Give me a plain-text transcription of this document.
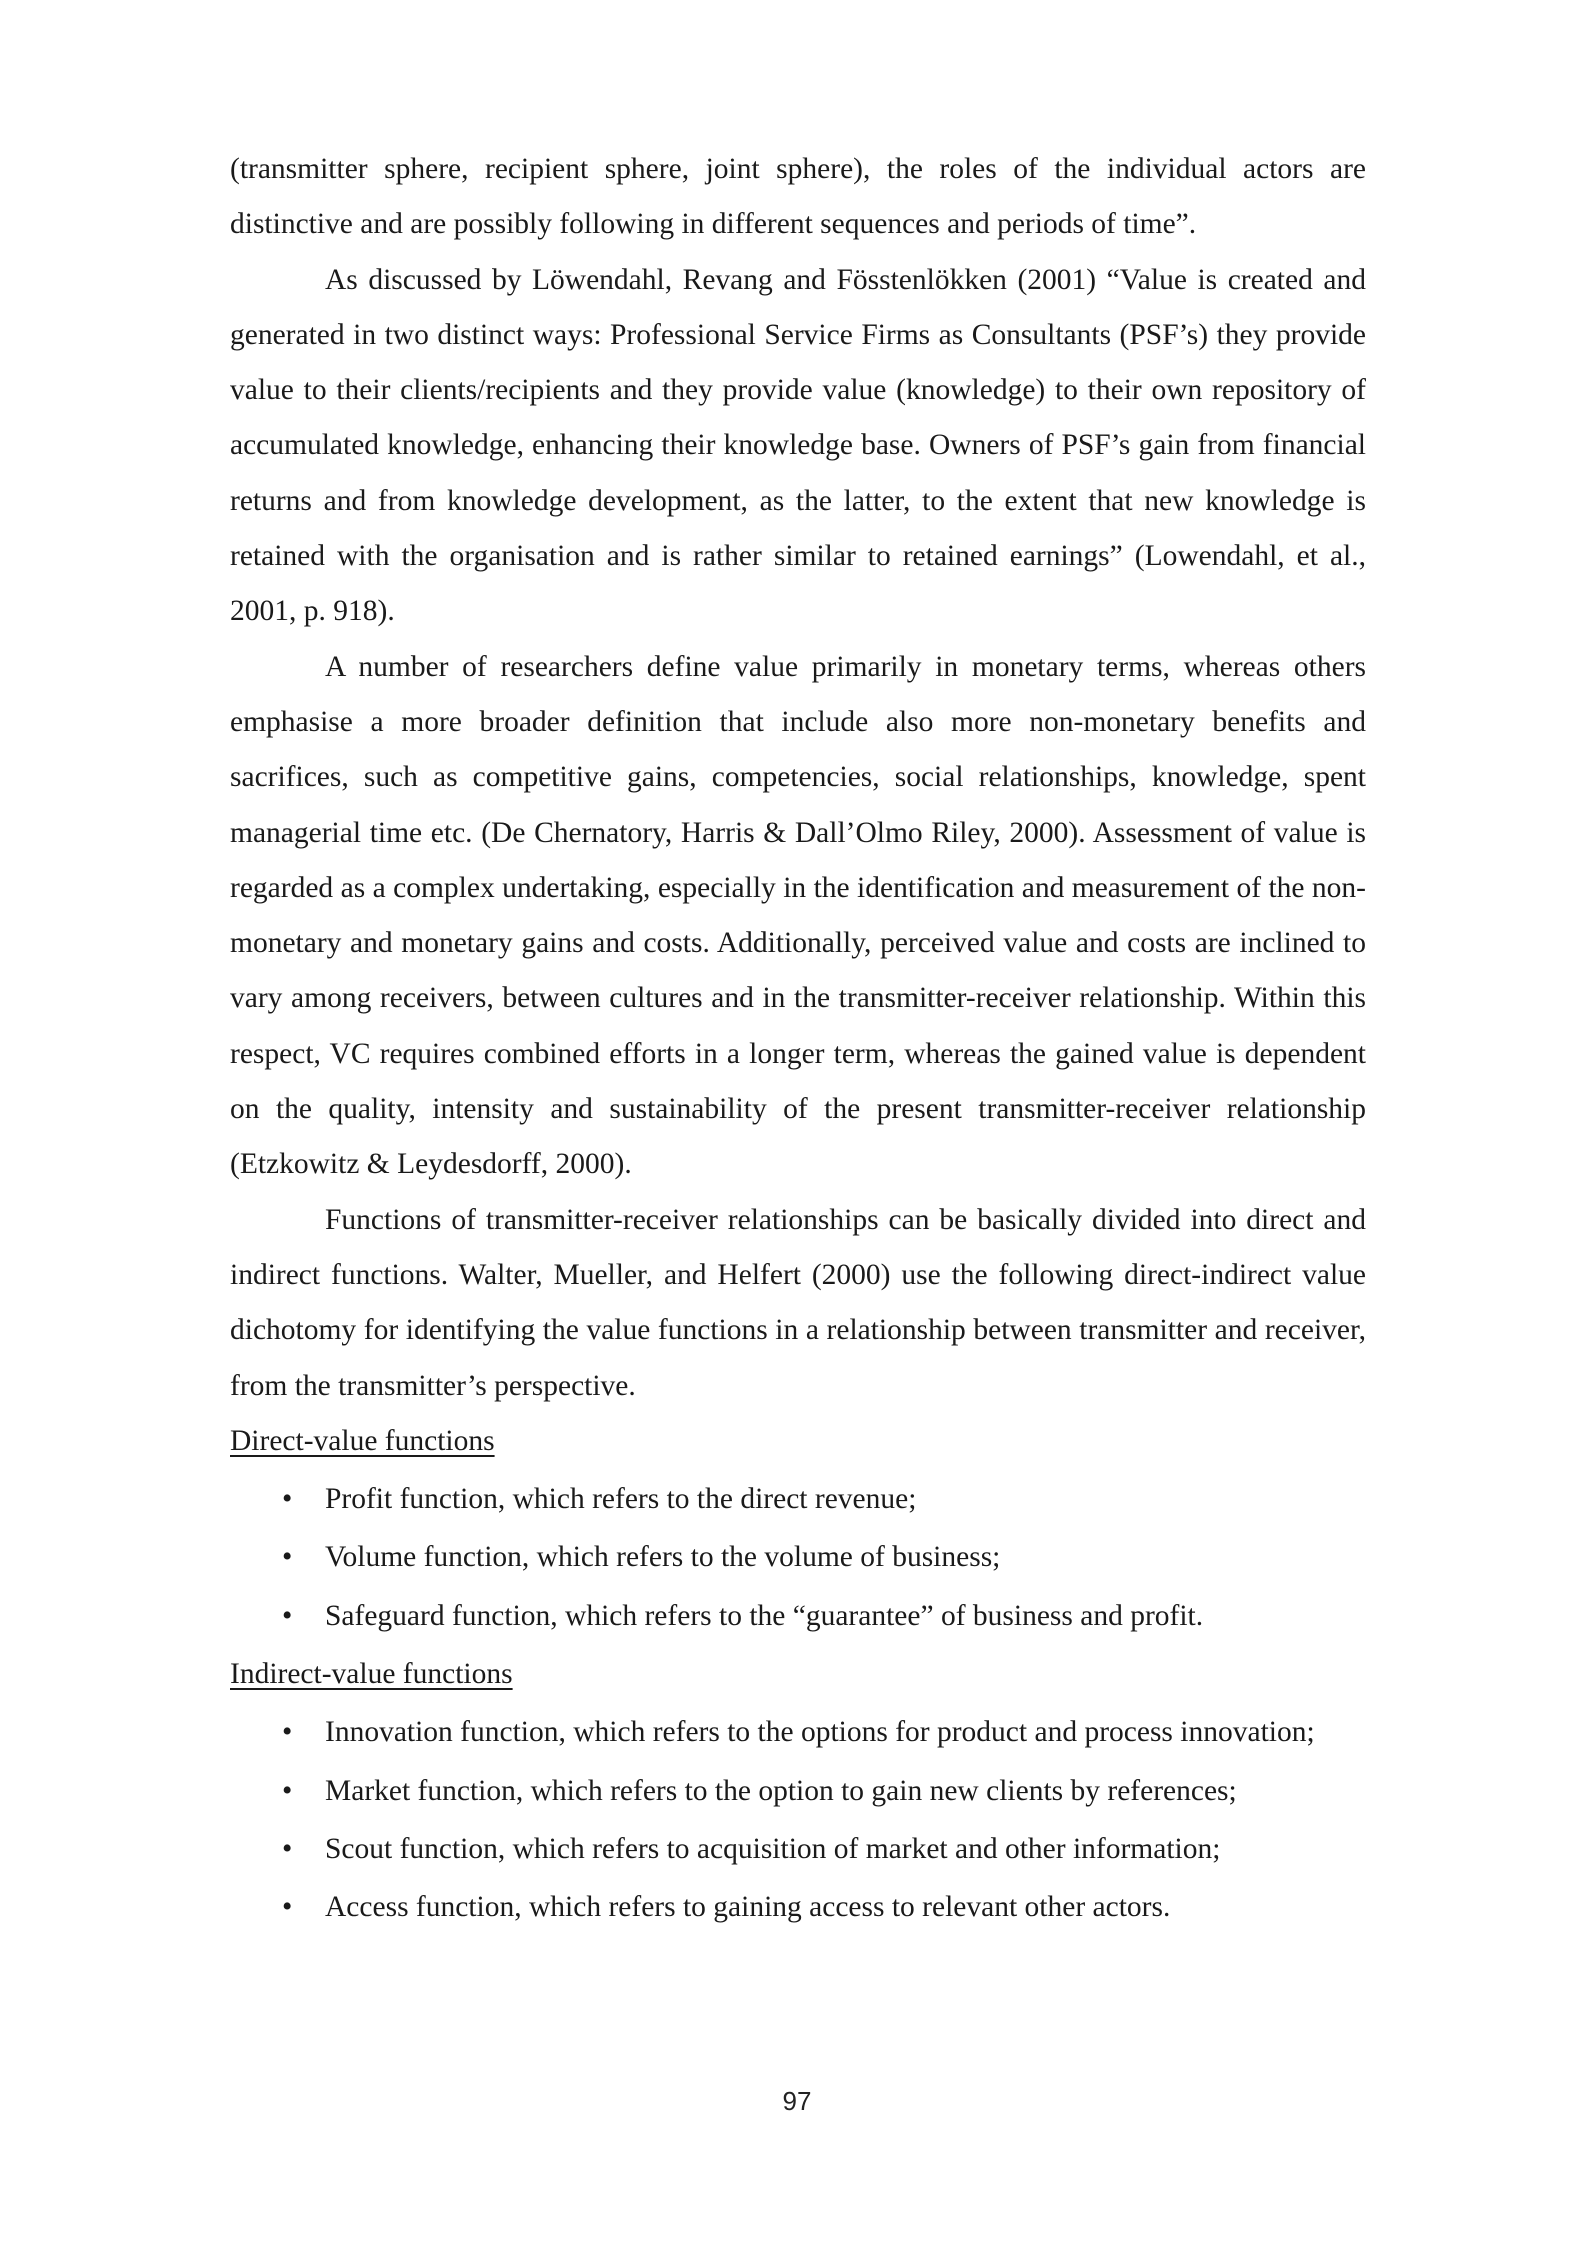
(transmitter sphere, recipient sphere, joint sphere), the roles of the individual actors are distinctive and are possibly following in different sequences and periods of time”.

As discussed by Löwendahl, Revang and Fösstenlökken (2001) “Value is created and generated in two distinct ways: Professional Service Firms as Consultants (PSF’s) they provide value to their clients/recipients and they provide value (knowledge) to their own repository of accumulated knowledge, enhancing their knowledge base. Owners of PSF’s gain from financial returns and from knowledge development, as the latter, to the extent that new knowledge is retained with the organisation and is rather similar to retained earnings” (Lowendahl, et al., 2001, p. 918).

A number of researchers define value primarily in monetary terms, whereas others emphasise a more broader definition that include also more non-monetary benefits and sacrifices, such as competitive gains, competencies, social relationships, knowledge, spent managerial time etc. (De Chernatory, Harris & Dall’Olmo Riley, 2000). Assessment of value is regarded as a complex undertaking, especially in the identification and measurement of the non-monetary and monetary gains and costs. Additionally, perceived value and costs are inclined to vary among receivers, between cultures and in the transmitter-receiver relationship. Within this respect, VC requires combined efforts in a longer term, whereas the gained value is dependent on the quality, intensity and sustainability of the present transmitter-receiver relationship (Etzkowitz & Leydesdorff, 2000).

Functions of transmitter-receiver relationships can be basically divided into direct and indirect functions. Walter, Mueller, and Helfert (2000) use the following direct-indirect value dichotomy for identifying the value functions in a relationship between transmitter and receiver, from the transmitter’s perspective.

Direct-value functions

• Profit function, which refers to the direct revenue;
• Volume function, which refers to the volume of business;
• Safeguard function, which refers to the “guarantee” of business and profit.

Indirect-value functions

• Innovation function, which refers to the options for product and process innovation;
• Market function, which refers to the option to gain new clients by references;
• Scout function, which refers to acquisition of market and other information;
• Access function, which refers to gaining access to relevant other actors.
97
